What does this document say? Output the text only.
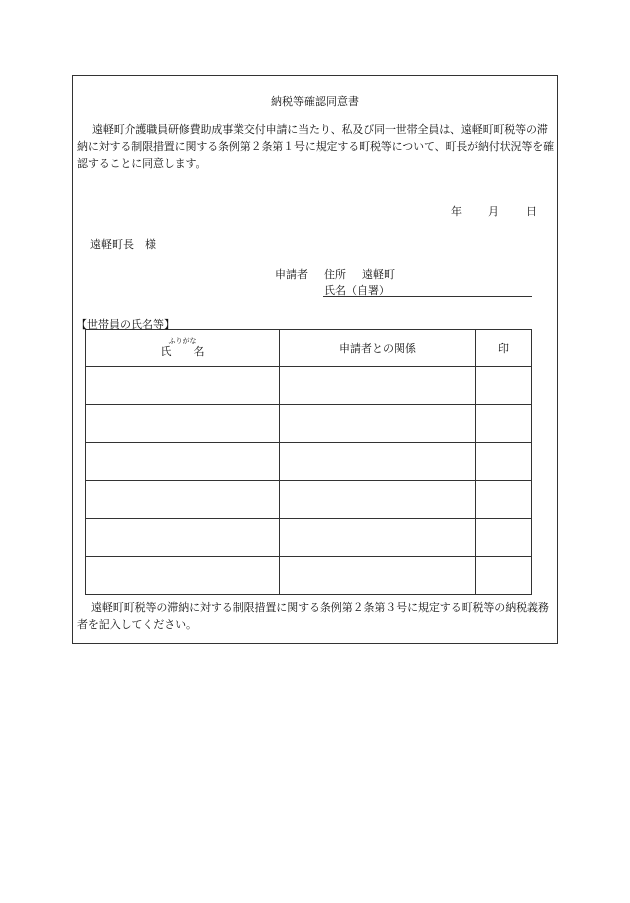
納税等確認同意書
遠軽町介護職員研修費助成事業交付申請に当たり、私及び同一世帯全員は、遠軽町町税等の滞納に対する制限措置に関する条例第２条第１号に規定する町税等について、町長が納付状況等を確認することに同意します。
年 月 日
遠軽町長　様
申請者 住所 遠軽町
氏名（自署）
【世帯員の氏名等】
ふりがな
氏　　名	申請者との関係	印

遠軽町町税等の滞納に対する制限措置に関する条例第２条第３号に規定する町税等の納税義務者を記入してください。
